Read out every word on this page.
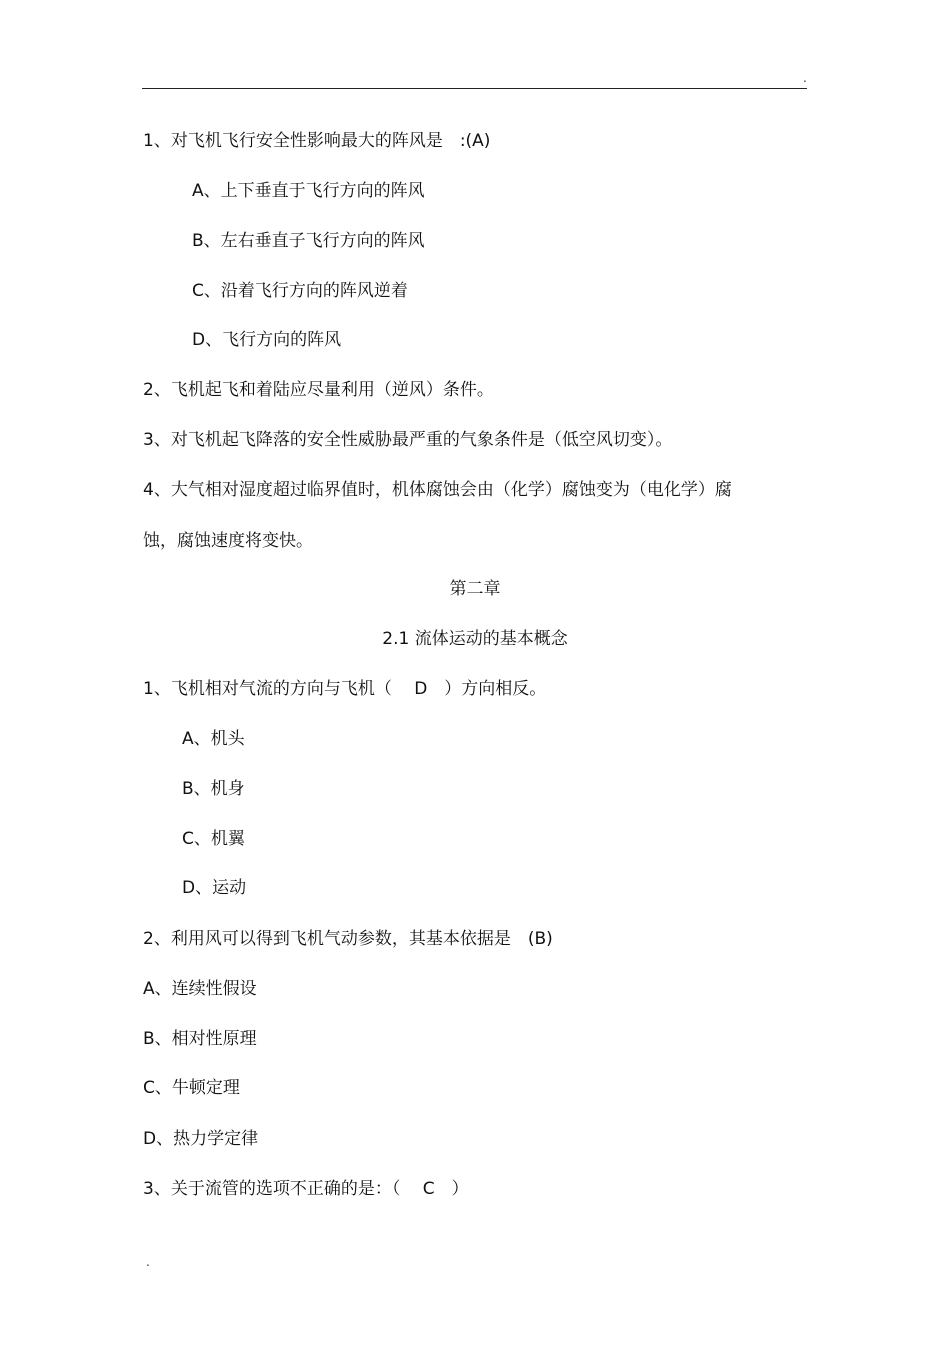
.
1、对飞机飞行安全性影响最大的阵风是　:(A)
A、上下垂直于飞行方向的阵风
B、左右垂直子飞行方向的阵风
C、沿着飞行方向的阵风逆着
D、飞行方向的阵风
2、飞机起飞和着陆应尽量利用（逆风）条件。
3、对飞机起飞降落的安全性威胁最严重的气象条件是（低空风切变）。
4、大气相对湿度超过临界值时，机体腐蚀会由（化学）腐蚀变为（电化学）腐
蚀，腐蚀速度将变快。
第二章
2.1 流体运动的基本概念
1、飞机相对气流的方向与飞机（　 D　）方向相反。
A、机头
B、机身
C、机翼
D、运动
2、利用风可以得到飞机气动参数，其基本依据是　(B)
A、连续性假设
B、相对性原理
C、牛顿定理
D、热力学定律
3、关于流管的选项不正确的是：（　 C　）
.
